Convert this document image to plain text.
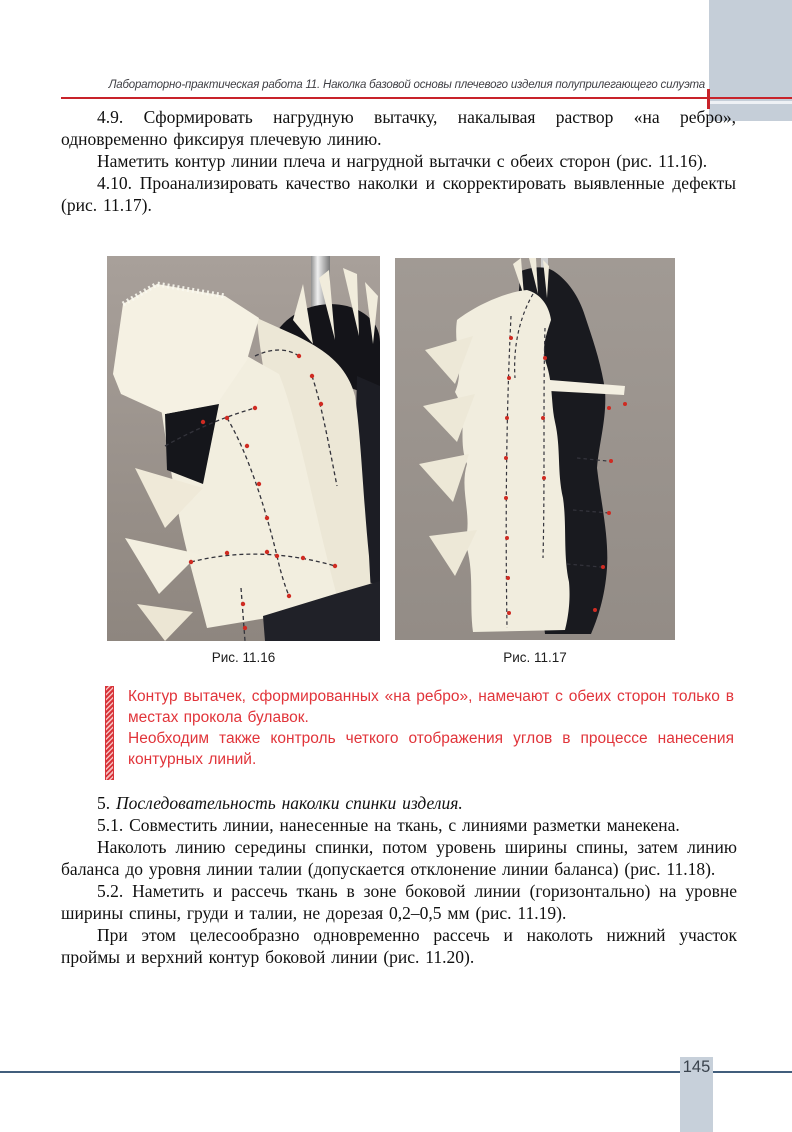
Лабораторно-практическая работа 11. Наколка базовой основы плечевого изделия полуприлегающего силуэта

4.9. Сформировать нагрудную вытачку, накалывая раствор «на ребро», одновременно фиксируя плечевую линию.

Наметить контур линии плеча и нагрудной вытачки с обеих сторон (рис. 11.16).

4.10. Проанализировать качество наколки и скорректировать выявленные дефекты (рис. 11.17).

Рис. 11.16	Рис. 11.17

Контур вытачек, сформированных «на ребро», намечают с обеих сторон только в местах прокола булавок.

Необходим также контроль четкого отображения углов в процессе нанесения контурных линий.

5. Последовательность наколки спинки изделия.

5.1. Совместить линии, нанесенные на ткань, с линиями разметки манекена.

Наколоть линию середины спинки, потом уровень ширины спины, затем линию баланса до уровня линии талии (допускается отклонение линии баланса) (рис. 11.18).

5.2. Наметить и рассечь ткань в зоне боковой линии (горизонтально) на уровне ширины спины, груди и талии, не дорезая 0,2–0,5 мм (рис. 11.19).

При этом целесообразно одновременно рассечь и наколоть нижний участок проймы и верхний контур боковой линии (рис. 11.20).

145
